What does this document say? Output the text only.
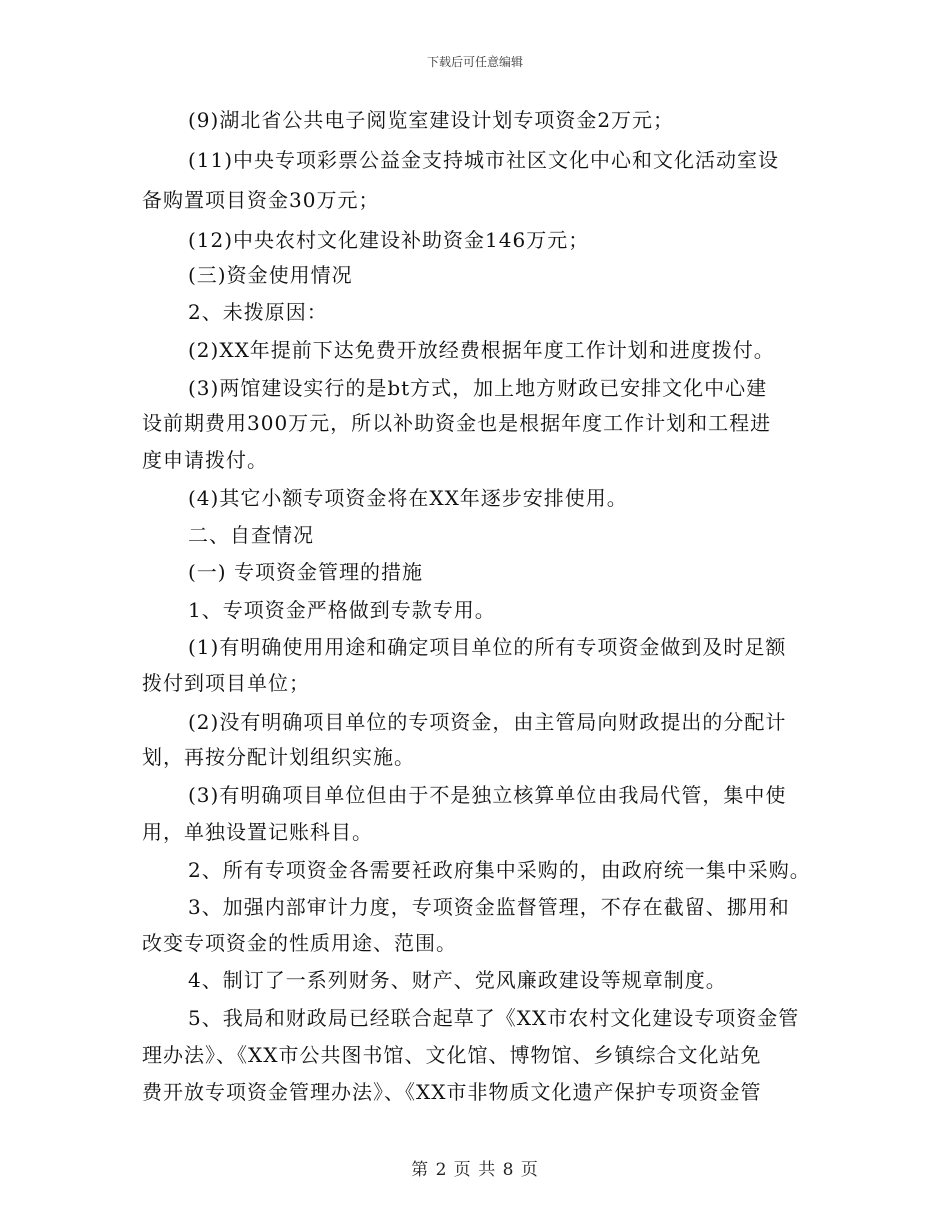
下载后可任意编辑
(9)湖北省公共电子阅览室建设计划专项资金2万元；
(11)中央专项彩票公益金支持城市社区文化中心和文化活动室设
备购置项目资金30万元；
(12)中央农村文化建设补助资金146万元；
(三)资金使用情况
2、未拨原因：
(2)XX年提前下达免费开放经费根据年度工作计划和进度拨付。
(3)两馆建设实行的是bt方式，加上地方财政已安排文化中心建
设前期费用300万元，所以补助资金也是根据年度工作计划和工程进
度申请拨付。
(4)其它小额专项资金将在XX年逐步安排使用。
二、自查情况
(一) 专项资金管理的措施
1、专项资金严格做到专款专用。
(1)有明确使用用途和确定项目单位的所有专项资金做到及时足额
拨付到项目单位；
(2)没有明确项目单位的专项资金，由主管局向财政提出的分配计
划，再按分配计划组织实施。
(3)有明确项目单位但由于不是独立核算单位由我局代管，集中使
用，单独设置记账科目。
2、所有专项资金各需要衽政府集中采购的，由政府统一集中采购。
3、加强内部审计力度，专项资金监督管理，不存在截留、挪用和
改变专项资金的性质用途、范围。
4、制订了一系列财务、财产、党风廉政建设等规章制度。
5、我局和财政局已经联合起草了《XX市农村文化建设专项资金管
理办法》、《XX市公共图书馆、文化馆、博物馆、乡镇综合文化站免
费开放专项资金管理办法》、《XX市非物质文化遗产保护专项资金管
第 2 页 共 8 页
